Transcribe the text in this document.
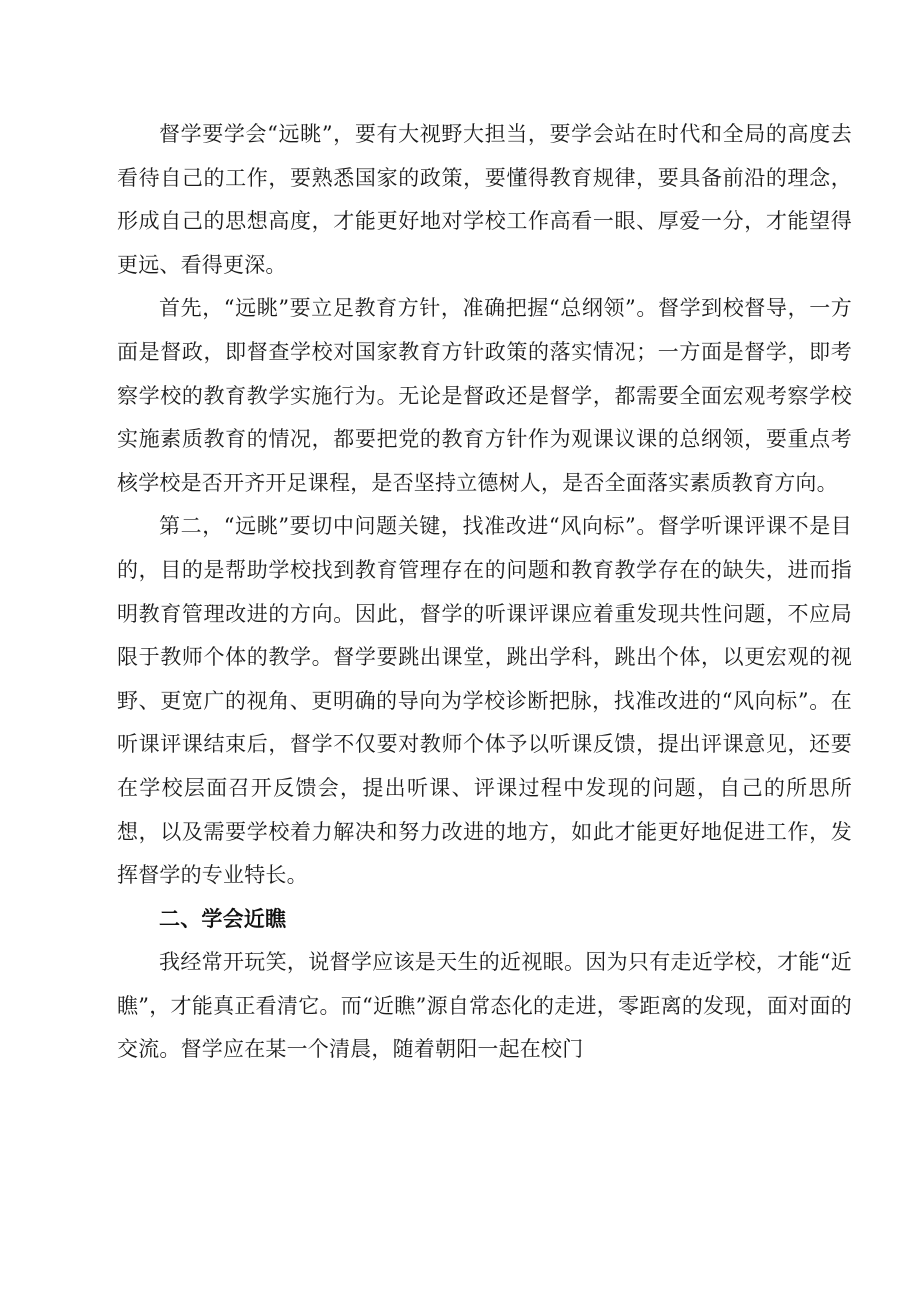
督学要学会“远眺”，要有大视野大担当，要学会站在时代和全局的高度去看待自己的工作，要熟悉国家的政策，要懂得教育规律，要具备前沿的理念，形成自己的思想高度，才能更好地对学校工作高看一眼、厚爱一分，才能望得更远、看得更深。

首先，“远眺”要立足教育方针，准确把握“总纲领”。督学到校督导，一方面是督政，即督查学校对国家教育方针政策的落实情况；一方面是督学，即考察学校的教育教学实施行为。无论是督政还是督学，都需要全面宏观考察学校实施素质教育的情况，都要把党的教育方针作为观课议课的总纲领，要重点考核学校是否开齐开足课程，是否坚持立德树人，是否全面落实素质教育方向。

第二，“远眺”要切中问题关键，找准改进“风向标”。督学听课评课不是目的，目的是帮助学校找到教育管理存在的问题和教育教学存在的缺失，进而指明教育管理改进的方向。因此，督学的听课评课应着重发现共性问题，不应局限于教师个体的教学。督学要跳出课堂，跳出学科，跳出个体，以更宏观的视野、更宽广的视角、更明确的导向为学校诊断把脉，找准改进的“风向标”。在听课评课结束后，督学不仅要对教师个体予以听课反馈，提出评课意见，还要在学校层面召开反馈会，提出听课、评课过程中发现的问题，自己的所思所想，以及需要学校着力解决和努力改进的地方，如此才能更好地促进工作，发挥督学的专业特长。

二、学会近瞧

我经常开玩笑，说督学应该是天生的近视眼。因为只有走近学校，才能“近瞧”，才能真正看清它。而“近瞧”源自常态化的走进，零距离的发现，面对面的交流。督学应在某一个清晨，随着朝阳一起在校门
